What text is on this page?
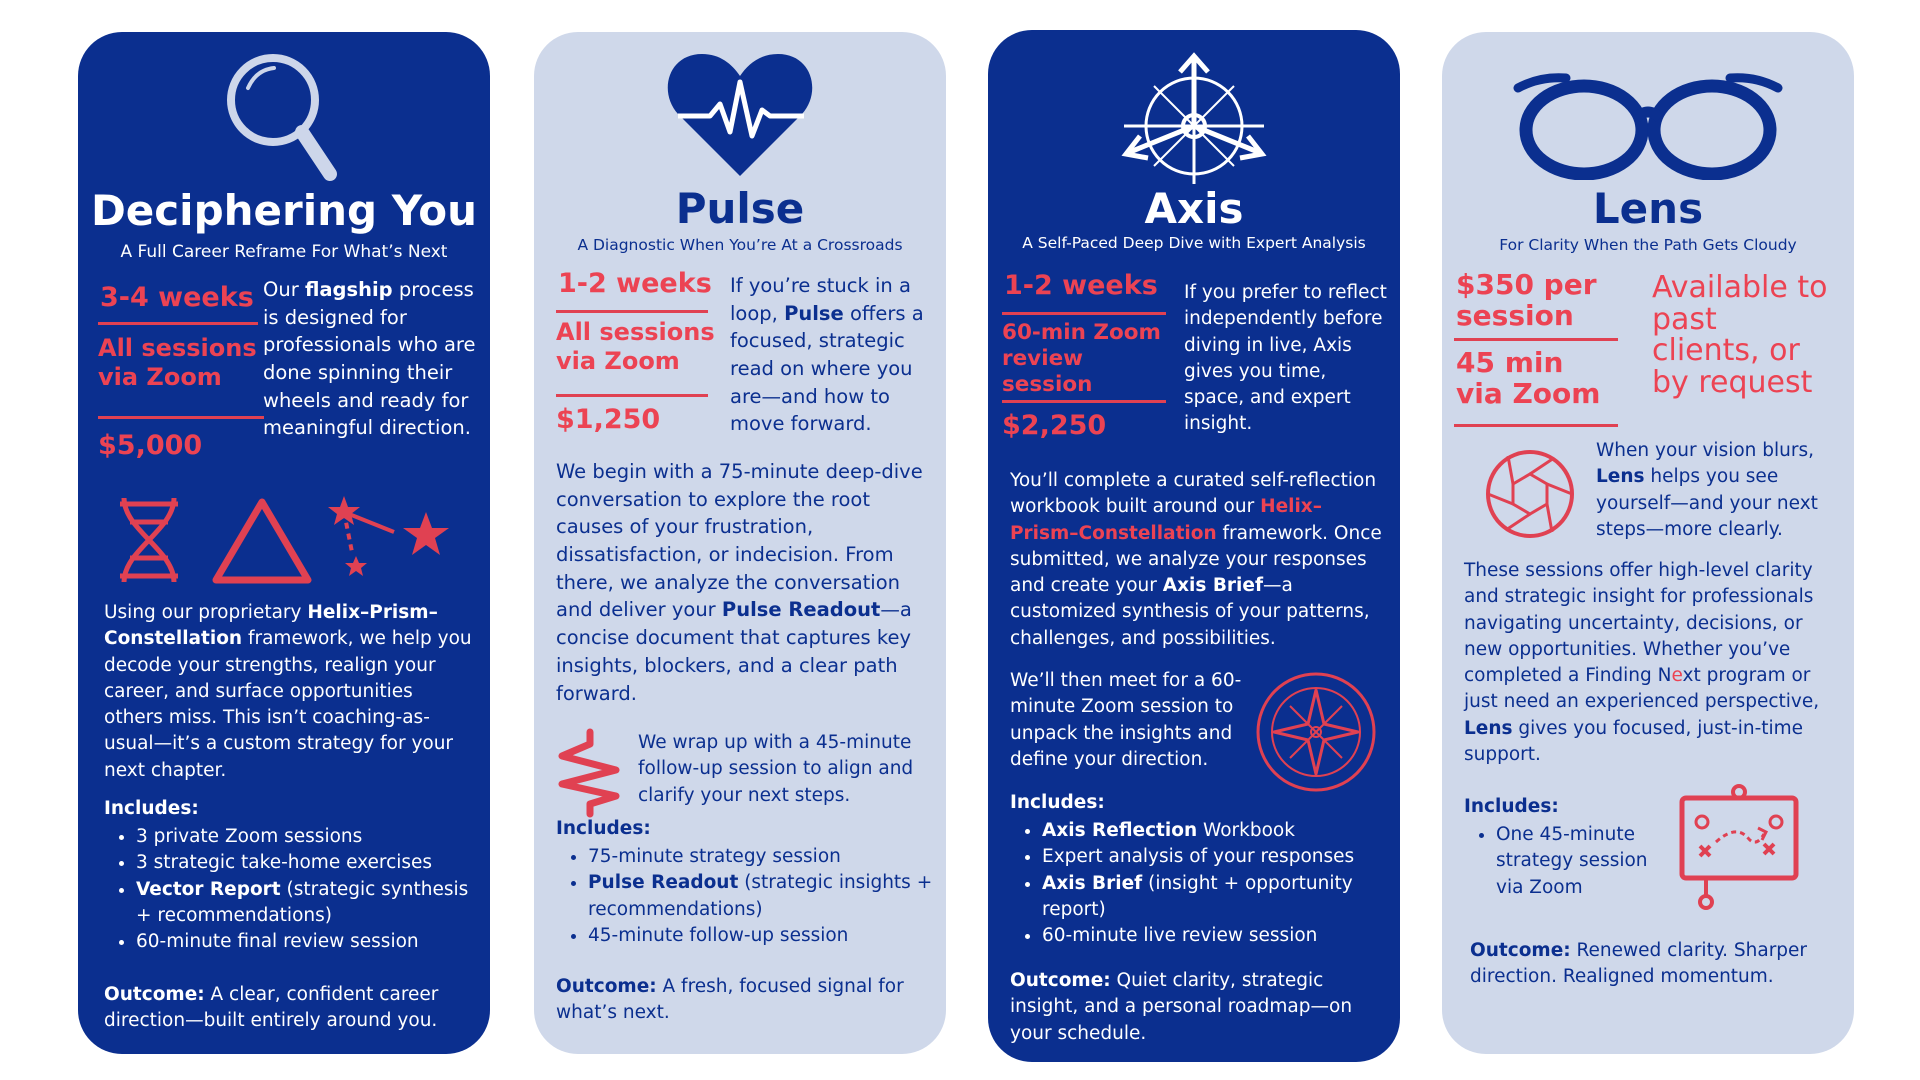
Deciphering You
A Full Career Reframe For What’s Next
3-4 weeks
All sessions via Zoom
$5,000
Our flagship process is designed for professionals who are done spinning their wheels and ready for meaningful direction.
Using our proprietary Helix–Prism–Constellation framework, we help you decode your strengths, realign your career, and surface opportunities others miss. This isn’t coaching-as-usual—it’s a custom strategy for your next chapter.
Includes:
• 3 private Zoom sessions
• 3 strategic take-home exercises
• Vector Report (strategic synthesis + recommendations)
• 60-minute final review session
Outcome: A clear, confident career direction—built entirely around you.
Pulse
A Diagnostic When You’re At a Crossroads
1-2 weeks
All sessions via Zoom
$1,250
If you’re stuck in a loop, Pulse offers a focused, strategic read on where you are—and how to move forward.
We begin with a 75-minute deep-dive conversation to explore the root causes of your frustration, dissatisfaction, or indecision. From there, we analyze the conversation and deliver your Pulse Readout—a concise document that captures key insights, blockers, and a clear path forward.
We wrap up with a 45-minute follow-up session to align and clarify your next steps.
Includes:
• 75-minute strategy session
• Pulse Readout (strategic insights + recommendations)
• 45-minute follow-up session
Outcome: A fresh, focused signal for what’s next.
Axis
A Self-Paced Deep Dive with Expert Analysis
1-2 weeks
60-min Zoom review session
$2,250
If you prefer to reflect independently before diving in live, Axis gives you time, space, and expert insight.
You’ll complete a curated self-reflection workbook built around our Helix–Prism–Constellation framework. Once submitted, we analyze your responses and create your Axis Brief—a customized synthesis of your patterns, challenges, and possibilities.
We’ll then meet for a 60-minute Zoom session to unpack the insights and define your direction.
Includes:
• Axis Reflection Workbook
• Expert analysis of your responses
• Axis Brief (insight + opportunity report)
• 60-minute live review session
Outcome: Quiet clarity, strategic insight, and a personal roadmap—on your schedule.
Lens
For Clarity When the Path Gets Cloudy
$350 per session
45 min via Zoom
Available to past clients, or by request
When your vision blurs, Lens helps you see yourself—and your next steps—more clearly.
These sessions offer high-level clarity and strategic insight for professionals navigating uncertainty, decisions, or new opportunities. Whether you’ve completed a Finding Next program or just need an experienced perspective, Lens gives you focused, just-in-time support.
Includes:
• One 45-minute strategy session via Zoom
Outcome: Renewed clarity. Sharper direction. Realigned momentum.
